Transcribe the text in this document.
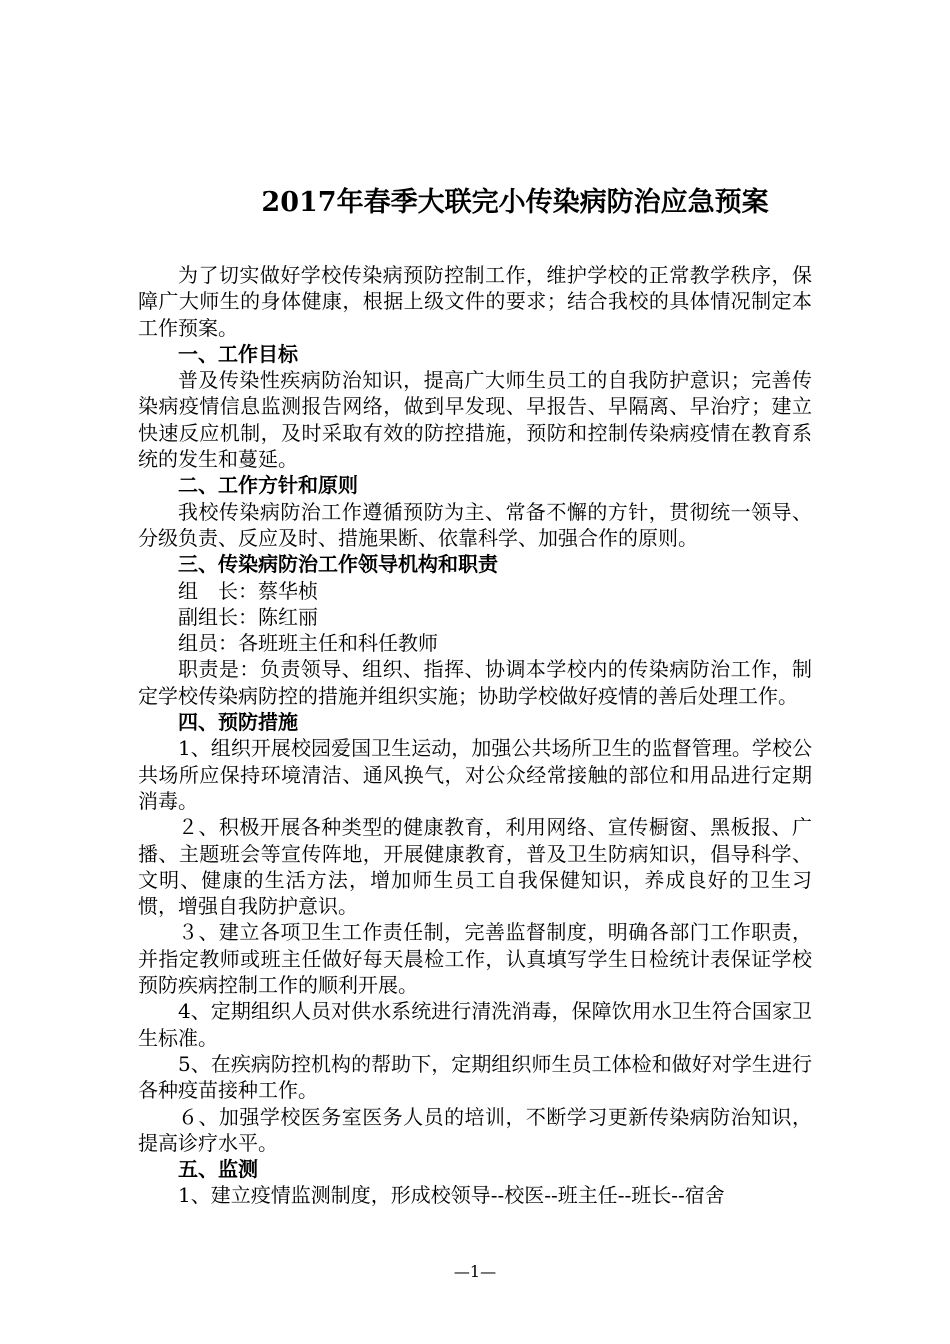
2017年春季大联完小传染病防治应急预案

为了切实做好学校传染病预防控制工作，维护学校的正常教学秩序，保障广大师生的身体健康，根据上级文件的要求；结合我校的具体情况制定本工作预案。

一、工作目标

普及传染性疾病防治知识，提高广大师生员工的自我防护意识；完善传染病疫情信息监测报告网络，做到早发现、早报告、早隔离、早治疗；建立快速反应机制，及时采取有效的防控措施，预防和控制传染病疫情在教育系统的发生和蔓延。

二、工作方针和原则

我校传染病防治工作遵循预防为主、常备不懈的方针，贯彻统一领导、分级负责、反应及时、措施果断、依靠科学、加强合作的原则。

三、传染病防治工作领导机构和职责

组　长：蔡华桢

副组长：陈红丽

组员：各班班主任和科任教师

职责是：负责领导、组织、指挥、协调本学校内的传染病防治工作，制定学校传染病防控的措施并组织实施；协助学校做好疫情的善后处理工作。

四、预防措施

1、组织开展校园爱国卫生运动，加强公共场所卫生的监督管理。学校公共场所应保持环境清洁、通风换气，对公众经常接触的部位和用品进行定期消毒。

２、积极开展各种类型的健康教育，利用网络、宣传橱窗、黑板报、广播、主题班会等宣传阵地，开展健康教育，普及卫生防病知识，倡导科学、文明、健康的生活方法，增加师生员工自我保健知识，养成良好的卫生习惯，增强自我防护意识。

３、建立各项卫生工作责任制，完善监督制度，明确各部门工作职责，并指定教师或班主任做好每天晨检工作，认真填写学生日检统计表保证学校预防疾病控制工作的顺利开展。

4、定期组织人员对供水系统进行清洗消毒，保障饮用水卫生符合国家卫生标准。

5、在疾病防控机构的帮助下，定期组织师生员工体检和做好对学生进行各种疫苗接种工作。

６、加强学校医务室医务人员的培训，不断学习更新传染病防治知识，提高诊疗水平。

五、监测

1、建立疫情监测制度，形成校领导--校医--班主任--班长--宿舍

—1—
